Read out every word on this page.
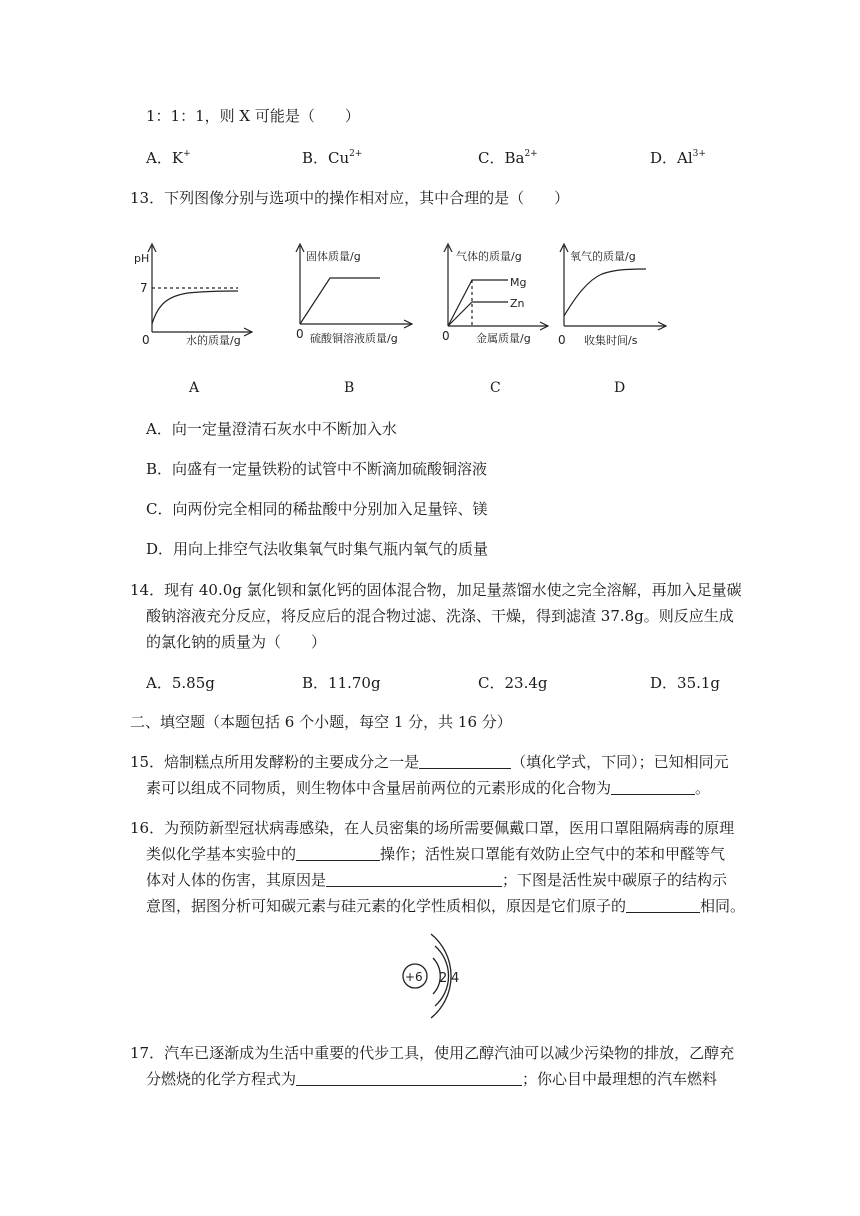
1：1：1，则 X 可能是（　　）
A．K+	B．$Cu^{2+}$	C．$Ba^{2+}$	D．$Al^{3+}$
13．下列图像分别与选项中的操作相对应，其中合理的是（　　）
pH
7
0	水的质量/g
固体质量/g
0 硫酸铜溶液质量/g
气体的质量/g
Mg
Zn
0 金属质量/g
氧气的质量/g
0 收集时间/s
A	B	C	D
A．向一定量澄清石灰水中不断加入水
B．向盛有一定量铁粉的试管中不断滴加硫酸铜溶液
C．向两份完全相同的稀盐酸中分别加入足量锌、镁
D．用向上排空气法收集氧气时集气瓶内氧气的质量
14．现有 40.0g 氯化钡和氯化钙的固体混合物，加足量蒸馏水使之完全溶解，再加入足量碳
酸钠溶液充分反应，将反应后的混合物过滤、洗涤、干燥，得到滤渣 37.8g。则反应生成
的氯化钠的质量为（　　）
A．5.85g	B．11.70g	C．23.4g	D．35.1g
二、填空题（本题包括 6 个小题，每空 1 分，共 16 分）
15．焙制糕点所用发酵粉的主要成分之一是	（填化学式，下同）；已知相同元
素可以组成不同物质，则生物体中含量居前两位的元素形成的化合物为	。
16．为预防新型冠状病毒感染，在人员密集的场所需要佩戴口罩，医用口罩阻隔病毒的原理
类似化学基本实验中的	操作；活性炭口罩能有效防止空气中的苯和甲醛等气
体对人体的伤害，其原因是	；下图是活性炭中碳原子的结构示
意图，据图分析可知碳元素与硅元素的化学性质相似，原因是它们原子的	相同。
+6 2 4
17．汽车已逐渐成为生活中重要的代步工具，使用乙醇汽油可以减少污染物的排放，乙醇充
分燃烧的化学方程式为	；你心目中最理想的汽车燃料
